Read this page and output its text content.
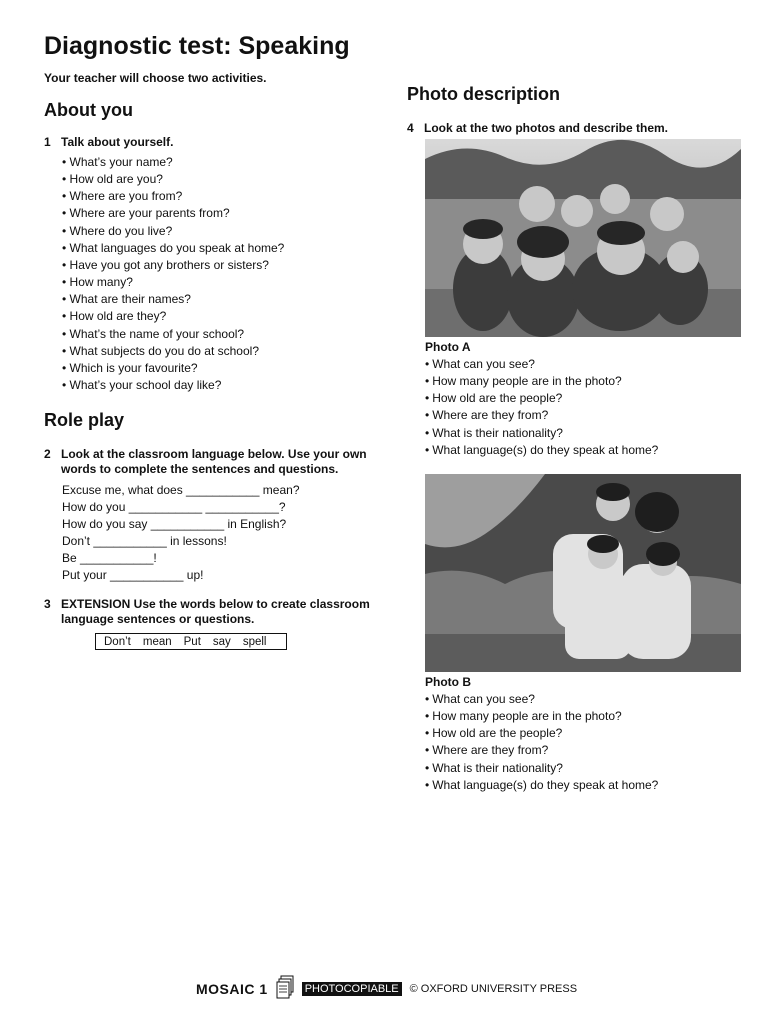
Diagnostic test: Speaking
Your teacher will choose two activities.
About you
1 Talk about yourself.
• What’s your name?
• How old are you?
• Where are you from?
• Where are your parents from?
• Where do you live?
• What languages do you speak at home?
• Have you got any brothers or sisters?
• How many?
• What are their names?
• How old are they?
• What’s the name of your school?
• What subjects do you do at school?
• Which is your favourite?
• What’s your school day like?
Role play
2 Look at the classroom language below. Use your own words to complete the sentences and questions.
Excuse me, what does ___________ mean?
How do you ___________ ___________?
How do you say ___________ in English?
Don’t ___________ in lessons!
Be ___________!
Put your ___________ up!
3 EXTENSION Use the words below to create classroom language sentences or questions.
Don’t mean Put say spell
Photo description
4 Look at the two photos and describe them.
Photo A
• What can you see?
• How many people are in the photo?
• How old are the people?
• Where are they from?
• What is their nationality?
• What language(s) do they speak at home?
Photo B
• What can you see?
• How many people are in the photo?
• How old are the people?
• Where are they from?
• What is their nationality?
• What language(s) do they speak at home?
MOSAIC 1	PHOTOCOPIABLE © OXFORD UNIVERSITY PRESS
